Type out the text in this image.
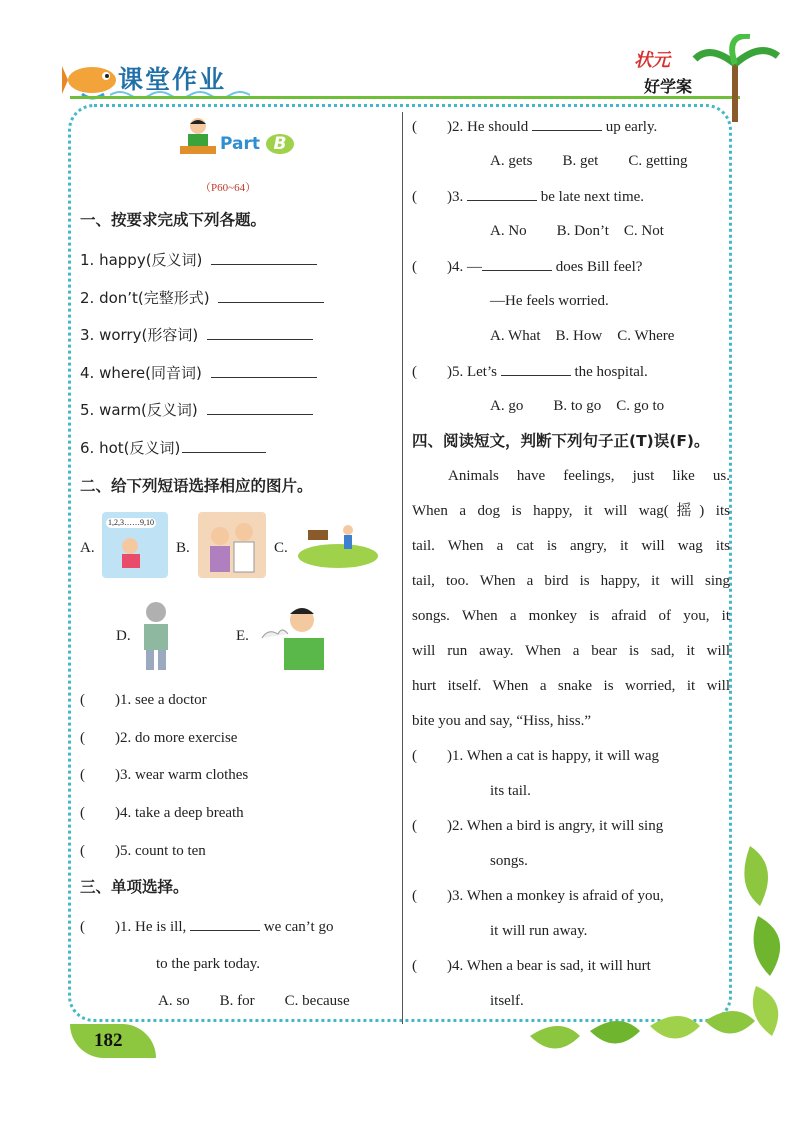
课堂作业
状元
好学案
Part B
（P60~64）
一、按要求完成下列各题。
1. happy(反义词)
2. don’t(完整形式)
3. worry(形容词)
4. where(同音词)
5. warm(反义词)
6. hot(反义词)
二、给下列短语选择相应的图片。
A.
1,2,3……9,10
B.	C.
D.	E.
(　　)1. see a doctor
(　　)2. do more exercise
(　　)3. wear warm clothes
(　　)4. take a deep breath
(　　)5. count to ten
三、单项选择。
(　　)1. He is ill,	we can’t go
to the park today.
A. so　　B. for　　C. because
(　　)2. He should	up early.
A. gets　　B. get　　C. getting
(　　)3.	be late next time.
A. No　　B. Don’t　C. Not
(　　)4. —	does Bill feel?
—He feels worried.
A. What　B. How　C. Where
(　　)5. Let’s	the hospital.
A. go　　B. to go　C. go to
四、阅读短文，判断下列句子正(T)误(F)。
Animals have feelings, just like us.
When a dog is happy, it will wag(摇) its
tail. When a cat is angry, it will wag its
tail, too. When a bird is happy, it will sing
songs. When a monkey is afraid of you, it
will run away. When a bear is sad, it will
hurt itself. When a snake is worried, it will
bite you and say, “Hiss, hiss.”
(　　)1. When a cat is happy, it will wag
its tail.
(　　)2. When a bird is angry, it will sing
songs.
(　　)3. When a monkey is afraid of you,
it will run away.
(　　)4. When a bear is sad, it will hurt
itself.
182
